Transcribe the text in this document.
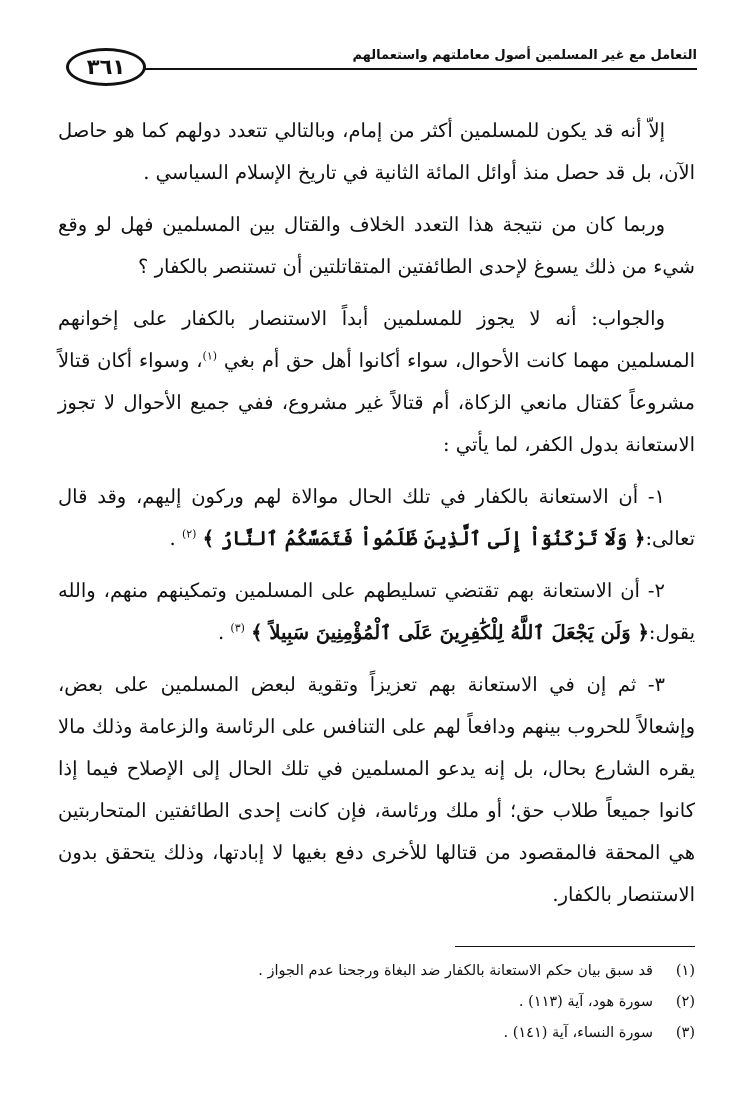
التعامل مع غير المسلمين أصول معاملتهم واستعمالهم
٣٦١

إلاّ أنه قد يكون للمسلمين أكثر من إمام، وبالتالي تتعدد دولهم كما هو حاصل الآن، بل قد حصل منذ أوائل المائة الثانية في تاريخ الإسلام السياسي .

وربما كان من نتيجة هذا التعدد الخلاف والقتال بين المسلمين فهل لو وقع شيء من ذلك يسوغ لإحدى الطائفتين المتقاتلتين أن تستنصر بالكفار ؟

والجواب: أنه لا يجوز للمسلمين أبداً الاستنصار بالكفار على إخوانهم المسلمين مهما كانت الأحوال، سواء أكانوا أهل حق أم بغي $^{(١)}$، وسواء أكان قتالاً مشروعاً كقتال مانعي الزكاة، أم قتالاً غير مشروع، ففي جميع الأحوال لا تجوز الاستعانة بدول الكفر، لما يأتي :

١- أن الاستعانة بالكفار في تلك الحال موالاة لهم وركون إليهم، وقد قال تعالى:﴿ وَلَا تَرْكَنُوٓاْ إِلَى ٱلَّذِينَ ظَلَمُواْ فَتَمَسَّكُمُ ٱلنَّارُ ﴾ $^{(٢)}$ .

٢- أن الاستعانة بهم تقتضي تسليطهم على المسلمين وتمكينهم منهم، والله يقول:﴿ وَلَن يَجْعَلَ ٱللَّهُ لِلْكَٰفِرِينَ عَلَى ٱلْمُؤْمِنِينَ سَبِيلاً ﴾ $^{(٣)}$ .

٣- ثم إن في الاستعانة بهم تعزيزاً وتقوية لبعض المسلمين على بعض، وإشعالاً للحروب بينهم ودافعاً لهم على التنافس على الرئاسة والزعامة وذلك مالا يقره الشارع بحال، بل إنه يدعو المسلمين في تلك الحال إلى الإصلاح فيما إذا كانوا جميعاً طلاب حق؛ أو ملك ورئاسة، فإن كانت إحدى الطائفتين المتحاربتين هي المحقة فالمقصود من قتالها للأخرى دفع بغيها لا إبادتها، وذلك يتحقق بدون الاستنصار بالكفار.

(١)
قد سبق بيان حكم الاستعانة بالكفار ضد البغاة ورجحنا عدم الجواز .
(٢)
سورة هود، آية (١١٣) .
(٣)
سورة النساء، آية (١٤١) .
